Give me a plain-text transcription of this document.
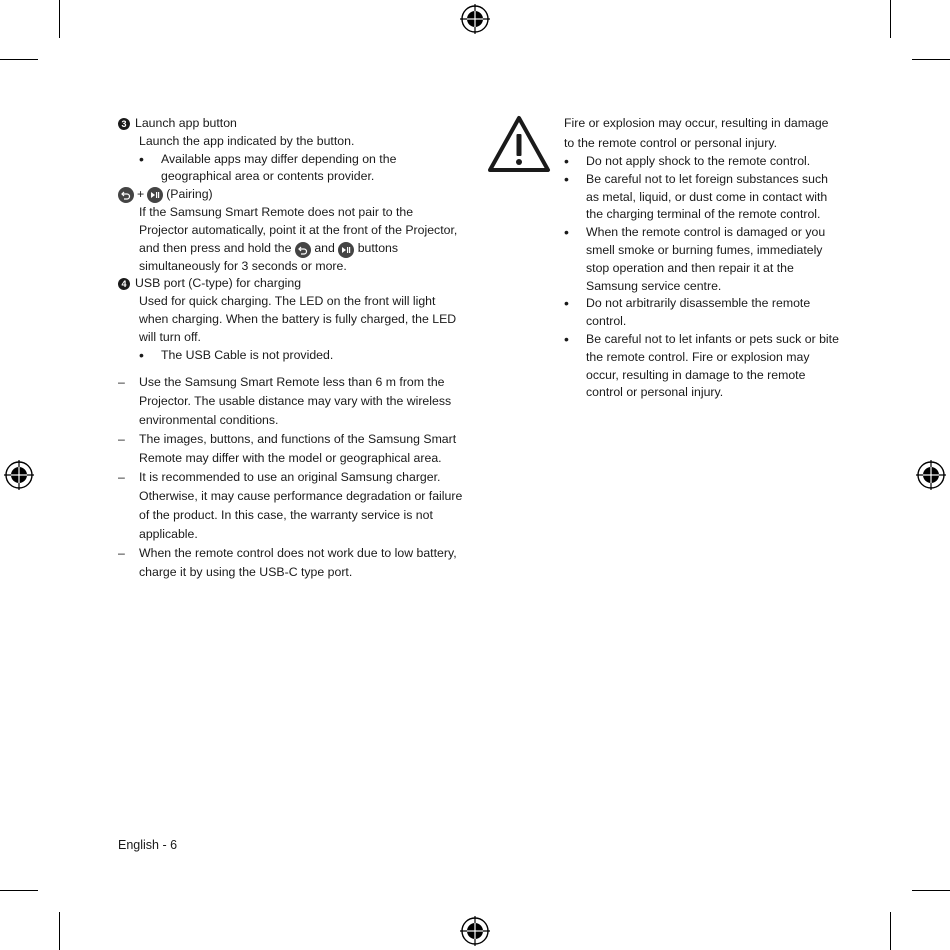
3 Launch app button
Launch the app indicated by the button.
• Available apps may differ depending on the geographical area or contents provider.
+ (Pairing)
If the Samsung Smart Remote does not pair to the Projector automatically, point it at the front of the Projector, and then press and hold the and buttons simultaneously for 3 seconds or more.
4 USB port (C-type) for charging
Used for quick charging. The LED on the front will light when charging. When the battery is fully charged, the LED will turn off.
• The USB Cable is not provided.
– Use the Samsung Smart Remote less than 6 m from the Projector. The usable distance may vary with the wireless environmental conditions.
– The images, buttons, and functions of the Samsung Smart Remote may differ with the model or geographical area.
– It is recommended to use an original Samsung charger. Otherwise, it may cause performance degradation or failure of the product. In this case, the warranty service is not applicable.
– When the remote control does not work due to low battery, charge it by using the USB-C type port.
Fire or explosion may occur, resulting in damage to the remote control or personal injury.
• Do not apply shock to the remote control.
• Be careful not to let foreign substances such as metal, liquid, or dust come in contact with the charging terminal of the remote control.
• When the remote control is damaged or you smell smoke or burning fumes, immediately stop operation and then repair it at the Samsung service centre.
• Do not arbitrarily disassemble the remote control.
• Be careful not to let infants or pets suck or bite the remote control. Fire or explosion may occur, resulting in damage to the remote control or personal injury.
English - 6
